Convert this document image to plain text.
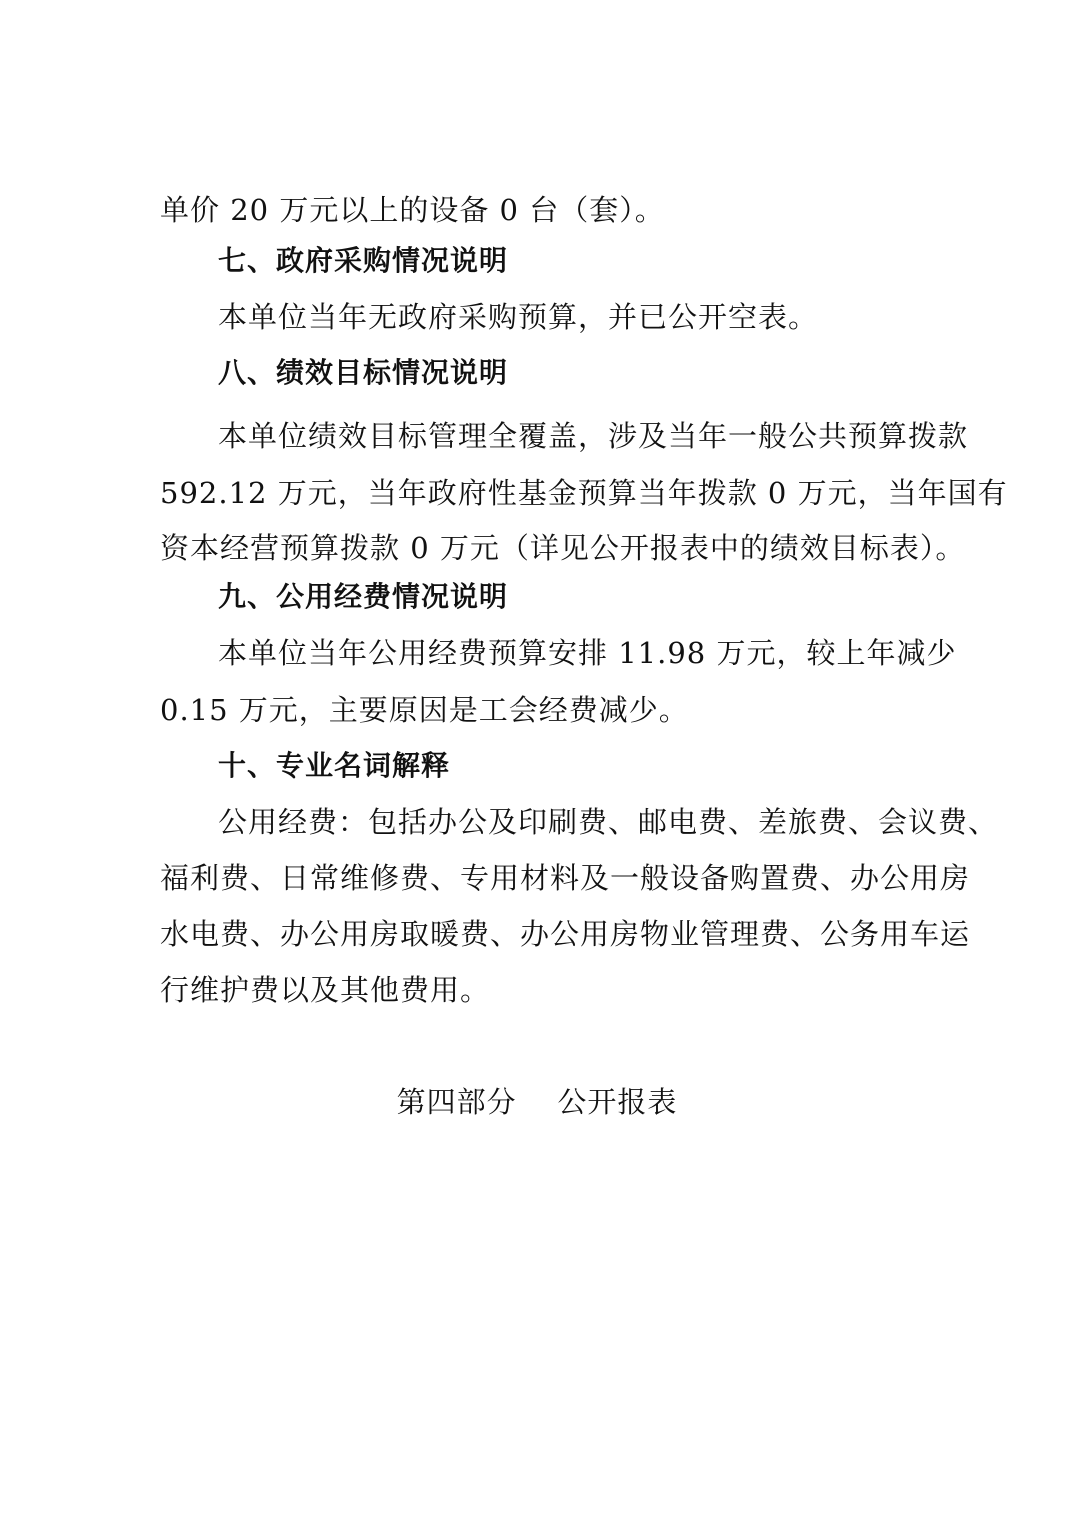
单价 20 万元以上的设备 0 台（套）。
七、政府采购情况说明
本单位当年无政府采购预算，并已公开空表。
八、绩效目标情况说明
本单位绩效目标管理全覆盖，涉及当年一般公共预算拨款
592.12 万元，当年政府性基金预算当年拨款 0 万元，当年国有
资本经营预算拨款 0 万元（详见公开报表中的绩效目标表）。
九、公用经费情况说明
本单位当年公用经费预算安排 11.98 万元，较上年减少
0.15 万元，主要原因是工会经费减少。
十、专业名词解释
公用经费：包括办公及印刷费、邮电费、差旅费、会议费、
福利费、日常维修费、专用材料及一般设备购置费、办公用房
水电费、办公用房取暖费、办公用房物业管理费、公务用车运
行维护费以及其他费用。
第四部分    公开报表
